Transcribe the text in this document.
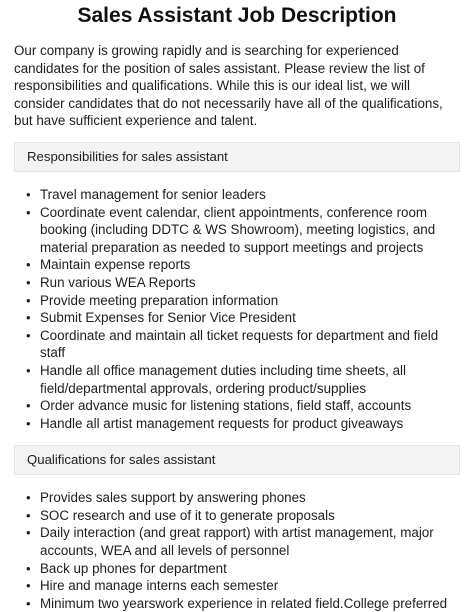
Sales Assistant Job Description

Our company is growing rapidly and is searching for experienced candidates for the position of sales assistant. Please review the list of responsibilities and qualifications. While this is our ideal list, we will consider candidates that do not necessarily have all of the qualifications, but have sufficient experience and talent.

Responsibilities for sales assistant
• Travel management for senior leaders
• Coordinate event calendar, client appointments, conference room booking (including DDTC & WS Showroom), meeting logistics, and material preparation as needed to support meetings and projects
• Maintain expense reports
• Run various WEA Reports
• Provide meeting preparation information
• Submit Expenses for Senior Vice President
• Coordinate and maintain all ticket requests for department and field staff
• Handle all office management duties including time sheets, all field/departmental approvals, ordering product/supplies
• Order advance music for listening stations, field staff, accounts
• Handle all artist management requests for product giveaways
Qualifications for sales assistant
• Provides sales support by answering phones
• SOC research and use of it to generate proposals
• Daily interaction (and great rapport) with artist management, major accounts, WEA and all levels of personnel
• Back up phones for department
• Hire and manage interns each semester
• Minimum two yearswork experience in related field.College preferred
